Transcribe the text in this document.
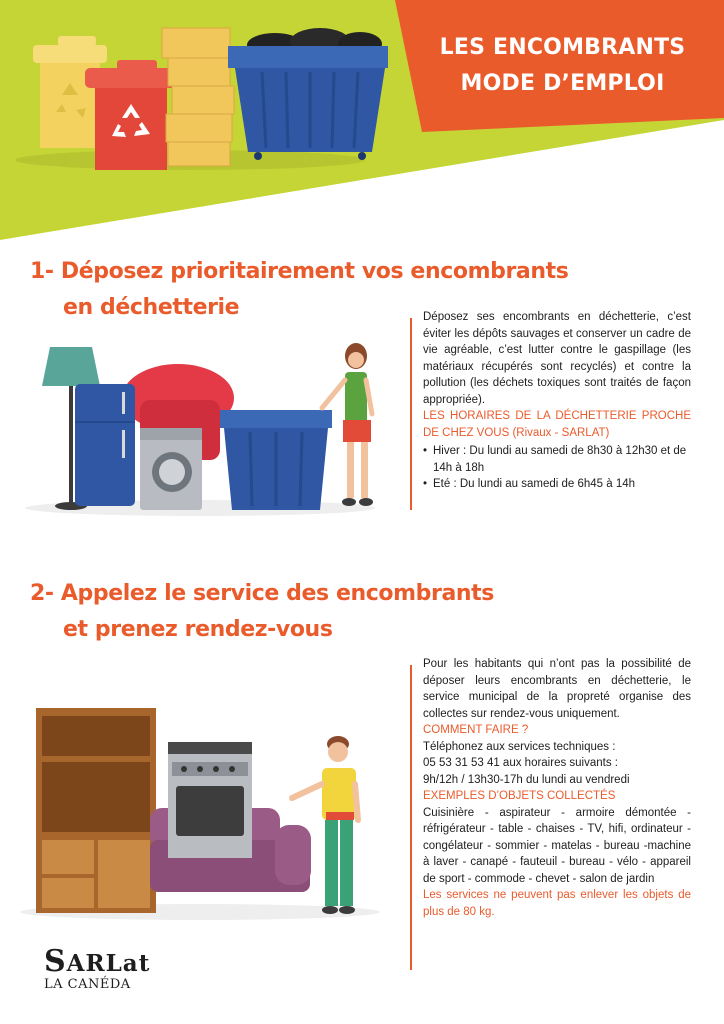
LES ENCOMBRANTS
MODE D’EMPLOI
1- Déposez prioritairement vos encombrants
en déchetterie	Déposez ses encombrants en déchetterie, c’est éviter les dépôts sauvages et conserver un cadre de vie agréable, c’est lutter contre le gaspillage (les matériaux récupérés sont recyclés) et contre la pollution (les déchets toxiques sont traités de façon appropriée).

LES HORAIRES DE LA DÉCHETTERIE PROCHE DE CHEZ VOUS (Rivaux - SARLAT)

• Hiver : Du lundi au samedi de 8h30 à 12h30 et de 14h à 18h
• Eté : Du lundi au samedi de 6h45 à 14h
2- Appelez le service des encombrants
et prenez rendez-vous

Pour les habitants qui n’ont pas la possibilité de déposer leurs encombrants en déchetterie, le service municipal de la propreté organise des collectes sur rendez-vous uniquement.

COMMENT FAIRE ?

Téléphonez aux services techniques :

05 53 31 53 41 aux horaires suivants :

9h/12h / 13h30-17h du lundi au vendredi

EXEMPLES D’OBJETS COLLECTÉS

Cuisinière - aspirateur - armoire démontée - réfrigérateur - table - chaises - TV, hifi, ordinateur - congélateur - sommier - matelas - bureau -machine à laver - canapé - fauteuil - bureau - vélo - appareil de sport - commode - chevet - salon de jardin

Les services ne peuvent pas enlever les objets de plus de 80 kg.

SARLat
LA CANÉDA
